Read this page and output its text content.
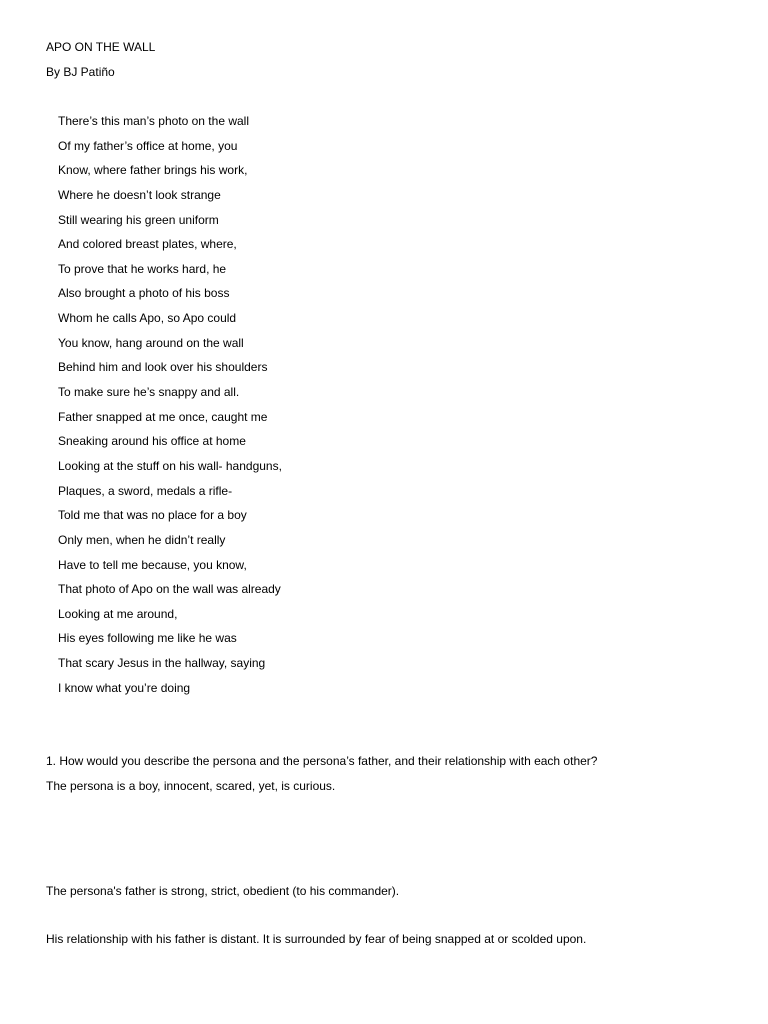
APO ON THE WALL
By BJ Patiño
There’s this man’s photo on the wall
Of my father’s office at home, you
Know, where father brings his work,
Where he doesn’t look strange
Still wearing his green uniform
And colored breast plates, where,
To prove that he works hard, he
Also brought a photo of his boss
Whom he calls Apo, so Apo could
You know, hang around on the wall
Behind him and look over his shoulders
To make sure he’s snappy and all.
Father snapped at me once, caught me
Sneaking around his office at home
Looking at the stuff on his wall- handguns,
Plaques, a sword, medals a rifle-
Told me that was no place for a boy
Only men, when he didn’t really
Have to tell me because, you know,
That photo of Apo on the wall was already
Looking at me around,
His eyes following me like he was
That scary Jesus in the hallway, saying
I know what you’re doing
1. How would you describe the persona and the persona’s father, and their relationship with each other?
The persona is a boy, innocent, scared, yet, is curious.
The persona's father is strong, strict, obedient (to his commander).
His relationship with his father is distant. It is surrounded by fear of being snapped at or scolded upon.
